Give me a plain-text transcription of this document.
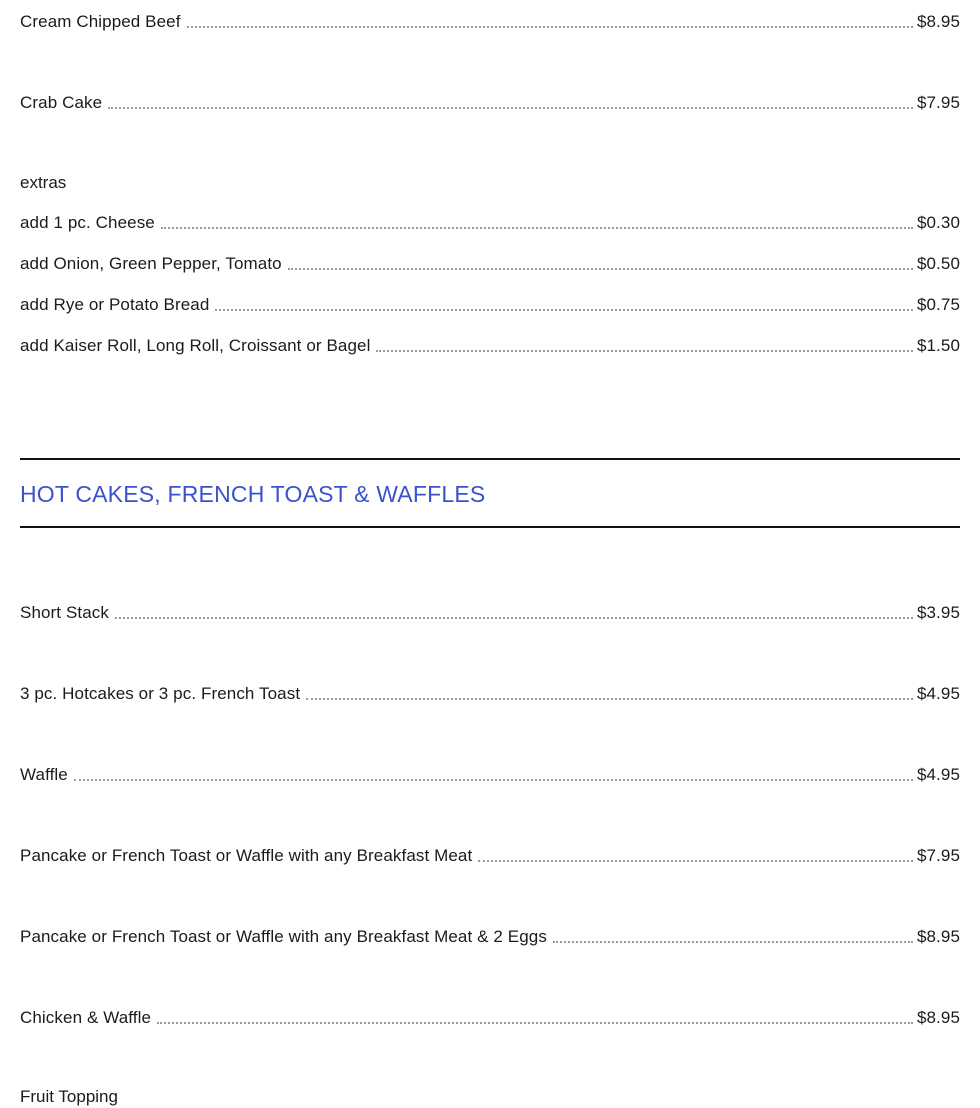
Cream Chipped Beef	$8.95
Crab Cake	$7.95
extras
add 1 pc. Cheese	$0.30
add Onion, Green Pepper, Tomato	$0.50
add Rye or Potato Bread	$0.75
add Kaiser Roll, Long Roll, Croissant or Bagel	$1.50
HOT CAKES, FRENCH TOAST & WAFFLES
Short Stack	$3.95
3 pc. Hotcakes or 3 pc. French Toast	$4.95
Waffle	$4.95
Pancake or French Toast or Waffle with any Breakfast Meat	$7.95
Pancake or French Toast or Waffle with any Breakfast Meat & 2 Eggs	$8.95
Chicken & Waffle	$8.95
Fruit Topping
